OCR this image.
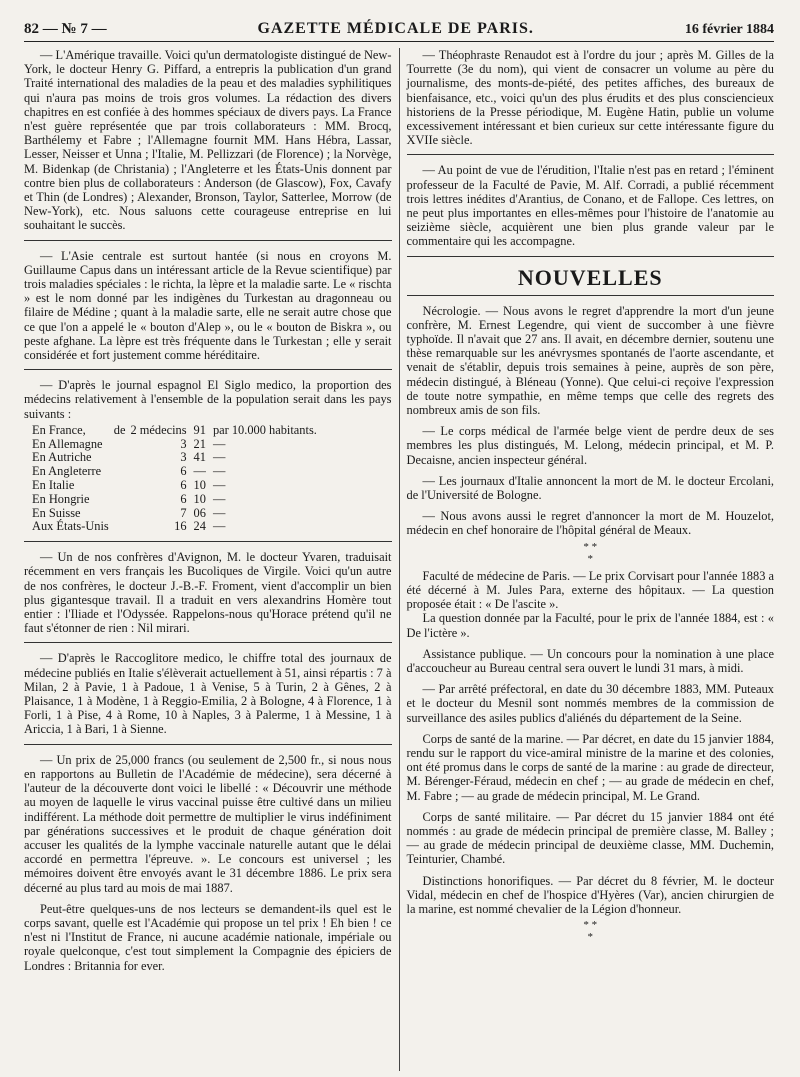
82 — № 7 —	GAZETTE MÉDICALE DE PARIS.	16 février 1884

— L'Amérique travaille. Voici qu'un dermatologiste distingué de New-York, le docteur Henry G. Piffard, a entrepris la publication d'un grand Traité international des maladies de la peau et des maladies syphilitiques qui n'aura pas moins de trois gros volumes. La rédaction des divers chapitres en est confiée à des hommes spéciaux de divers pays. La France n'est guère représentée que par trois collaborateurs : MM. Brocq, Barthélemy et Fabre ; l'Allemagne fournit MM. Hans Hébra, Lassar, Lesser, Neisser et Unna ; l'Italie, M. Pellizzari (de Florence) ; la Norvège, M. Bidenkap (de Christania) ; l'Angleterre et les États-Unis donnent par contre bien plus de collaborateurs : Anderson (de Glascow), Fox, Cavafy et Thin (de Londres) ; Alexander, Bronson, Taylor, Satterlee, Morrow (de New-York), etc. Nous saluons cette courageuse entreprise en lui souhaitant le succès.

— L'Asie centrale est surtout hantée (si nous en croyons M. Guillaume Capus dans un intéressant article de la Revue scientifique) par trois maladies spéciales : le richta, la lèpre et la maladie sarte. Le « rischta » est le nom donné par les indigènes du Turkestan au dragonneau ou filaire de Médine ; quant à la maladie sarte, elle ne serait autre chose que ce que l'on a appelé le « bouton d'Alep », ou le « bouton de Biskra », ou peste afghane. La lèpre est très fréquente dans le Turkestan ; elle y serait considérée et fort justement comme héréditaire.

— D'après le journal espagnol El Siglo medico, la proportion des médecins relativement à l'ensemble de la population serait dans les pays suivants :

En France,	de	2 médecins	91	par 10.000 habitants.
En Allemagne		3	21	—
En Autriche		3	41	—
En Angleterre		6	—	—
En Italie		6	10	—
En Hongrie		6	10	—
En Suisse		7	06	—
Aux États-Unis		16	24	—

— Un de nos confrères d'Avignon, M. le docteur Yvaren, traduisait récemment en vers français les Bucoliques de Virgile. Voici qu'un autre de nos confrères, le docteur J.-B.-F. Froment, vient d'accomplir un bien plus gigantesque travail. Il a traduit en vers alexandrins Homère tout entier : l'Iliade et l'Odyssée. Rappelons-nous qu'Horace prétend qu'il ne faut s'étonner de rien : Nil mirari.

— D'après le Raccoglitore medico, le chiffre total des journaux de médecine publiés en Italie s'élèverait actuellement à 51, ainsi répartis : 7 à Milan, 2 à Pavie, 1 à Padoue, 1 à Venise, 5 à Turin, 2 à Gênes, 2 à Plaisance, 1 à Modène, 1 à Reggio-Emilia, 2 à Bologne, 4 à Florence, 1 à Forli, 1 à Pise, 4 à Rome, 10 à Naples, 3 à Palerme, 1 à Messine, 1 à Ariccia, 1 à Bari, 1 à Sienne.

— Un prix de 25,000 francs (ou seulement de 2,500 fr., si nous nous en rapportons au Bulletin de l'Académie de médecine), sera décerné à l'auteur de la découverte dont voici le libellé : « Découvrir une méthode au moyen de laquelle le virus vaccinal puisse être cultivé dans un milieu indifférent. La méthode doit permettre de multiplier le virus indéfiniment par générations successives et le produit de chaque génération doit accuser les qualités de la lymphe vaccinale naturelle autant que le délai accordé en permettra l'épreuve. ». Le concours est universel ; les mémoires doivent être envoyés avant le 31 décembre 1886. Le prix sera décerné au plus tard au mois de mai 1887.

Peut-être quelques-uns de nos lecteurs se demandent-ils quel est le corps savant, quelle est l'Académie qui propose un tel prix ! Eh bien ! ce n'est ni l'Institut de France, ni aucune académie nationale, impériale ou royale quelconque, c'est tout simplement la Compagnie des épiciers de Londres : Britannia for ever.

— Théophraste Renaudot est à l'ordre du jour ; après M. Gilles de la Tourrette (3e du nom), qui vient de consacrer un volume au père du journalisme, des monts-de-piété, des petites affiches, des bureaux de bienfaisance, etc., voici qu'un des plus érudits et des plus consciencieux historiens de la Presse périodique, M. Eugène Hatin, publie un volume excessivement intéressant et bien curieux sur cette intéressante figure du XVIIe siècle.

— Au point de vue de l'érudition, l'Italie n'est pas en retard ; l'éminent professeur de la Faculté de Pavie, M. Alf. Corradi, a publié récemment trois lettres inédites d'Arantius, de Conano, et de Fallope. Ces lettres, on ne peut plus importantes en elles-mêmes pour l'histoire de l'anatomie au seizième siècle, acquièrent une bien plus grande valeur par le commentaire qui les accompagne.

NOUVELLES

Nécrologie. — Nous avons le regret d'apprendre la mort d'un jeune confrère, M. Ernest Legendre, qui vient de succomber à une fièvre typhoïde. Il n'avait que 27 ans. Il avait, en décembre dernier, soutenu une thèse remarquable sur les anévrysmes spontanés de l'aorte ascendante, et venait de s'établir, depuis trois semaines à peine, auprès de son père, médecin distingué, à Bléneau (Yonne). Que celui-ci reçoive l'expression de toute notre sympathie, en même temps que celle des regrets des nombreux amis de son fils.

— Le corps médical de l'armée belge vient de perdre deux de ses membres les plus distingués, M. Lelong, médecin principal, et M. P. Decaisne, ancien inspecteur général.

— Les journaux d'Italie annoncent la mort de M. le docteur Ercolani, de l'Université de Bologne.

— Nous avons aussi le regret d'annoncer la mort de M. Houzelot, médecin en chef honoraire de l'hôpital général de Meaux.

* *
*

Faculté de médecine de Paris. — Le prix Corvisart pour l'année 1883 a été décerné à M. Jules Para, externe des hôpitaux. — La question proposée était : « De l'ascite ».

La question donnée par la Faculté, pour le prix de l'année 1884, est : « De l'ictère ».

Assistance publique. — Un concours pour la nomination à une place d'accoucheur au Bureau central sera ouvert le lundi 31 mars, à midi.

— Par arrêté préfectoral, en date du 30 décembre 1883, MM. Puteaux et le docteur du Mesnil sont nommés membres de la commission de surveillance des asiles publics d'aliénés du département de la Seine.

Corps de santé de la marine. — Par décret, en date du 15 janvier 1884, rendu sur le rapport du vice-amiral ministre de la marine et des colonies, ont été promus dans le corps de santé de la marine : au grade de directeur, M. Bérenger-Féraud, médecin en chef ; — au grade de médecin en chef, M. Fabre ; — au grade de médecin principal, M. Le Grand.

Corps de santé militaire. — Par décret du 15 janvier 1884 ont été nommés : au grade de médecin principal de première classe, M. Balley ; — au grade de médecin principal de deuxième classe, MM. Duchemin, Teinturier, Chambé.

Distinctions honorifiques. — Par décret du 8 février, M. le docteur Vidal, médecin en chef de l'hospice d'Hyères (Var), ancien chirurgien de la marine, est nommé chevalier de la Légion d'honneur.

* *
*
